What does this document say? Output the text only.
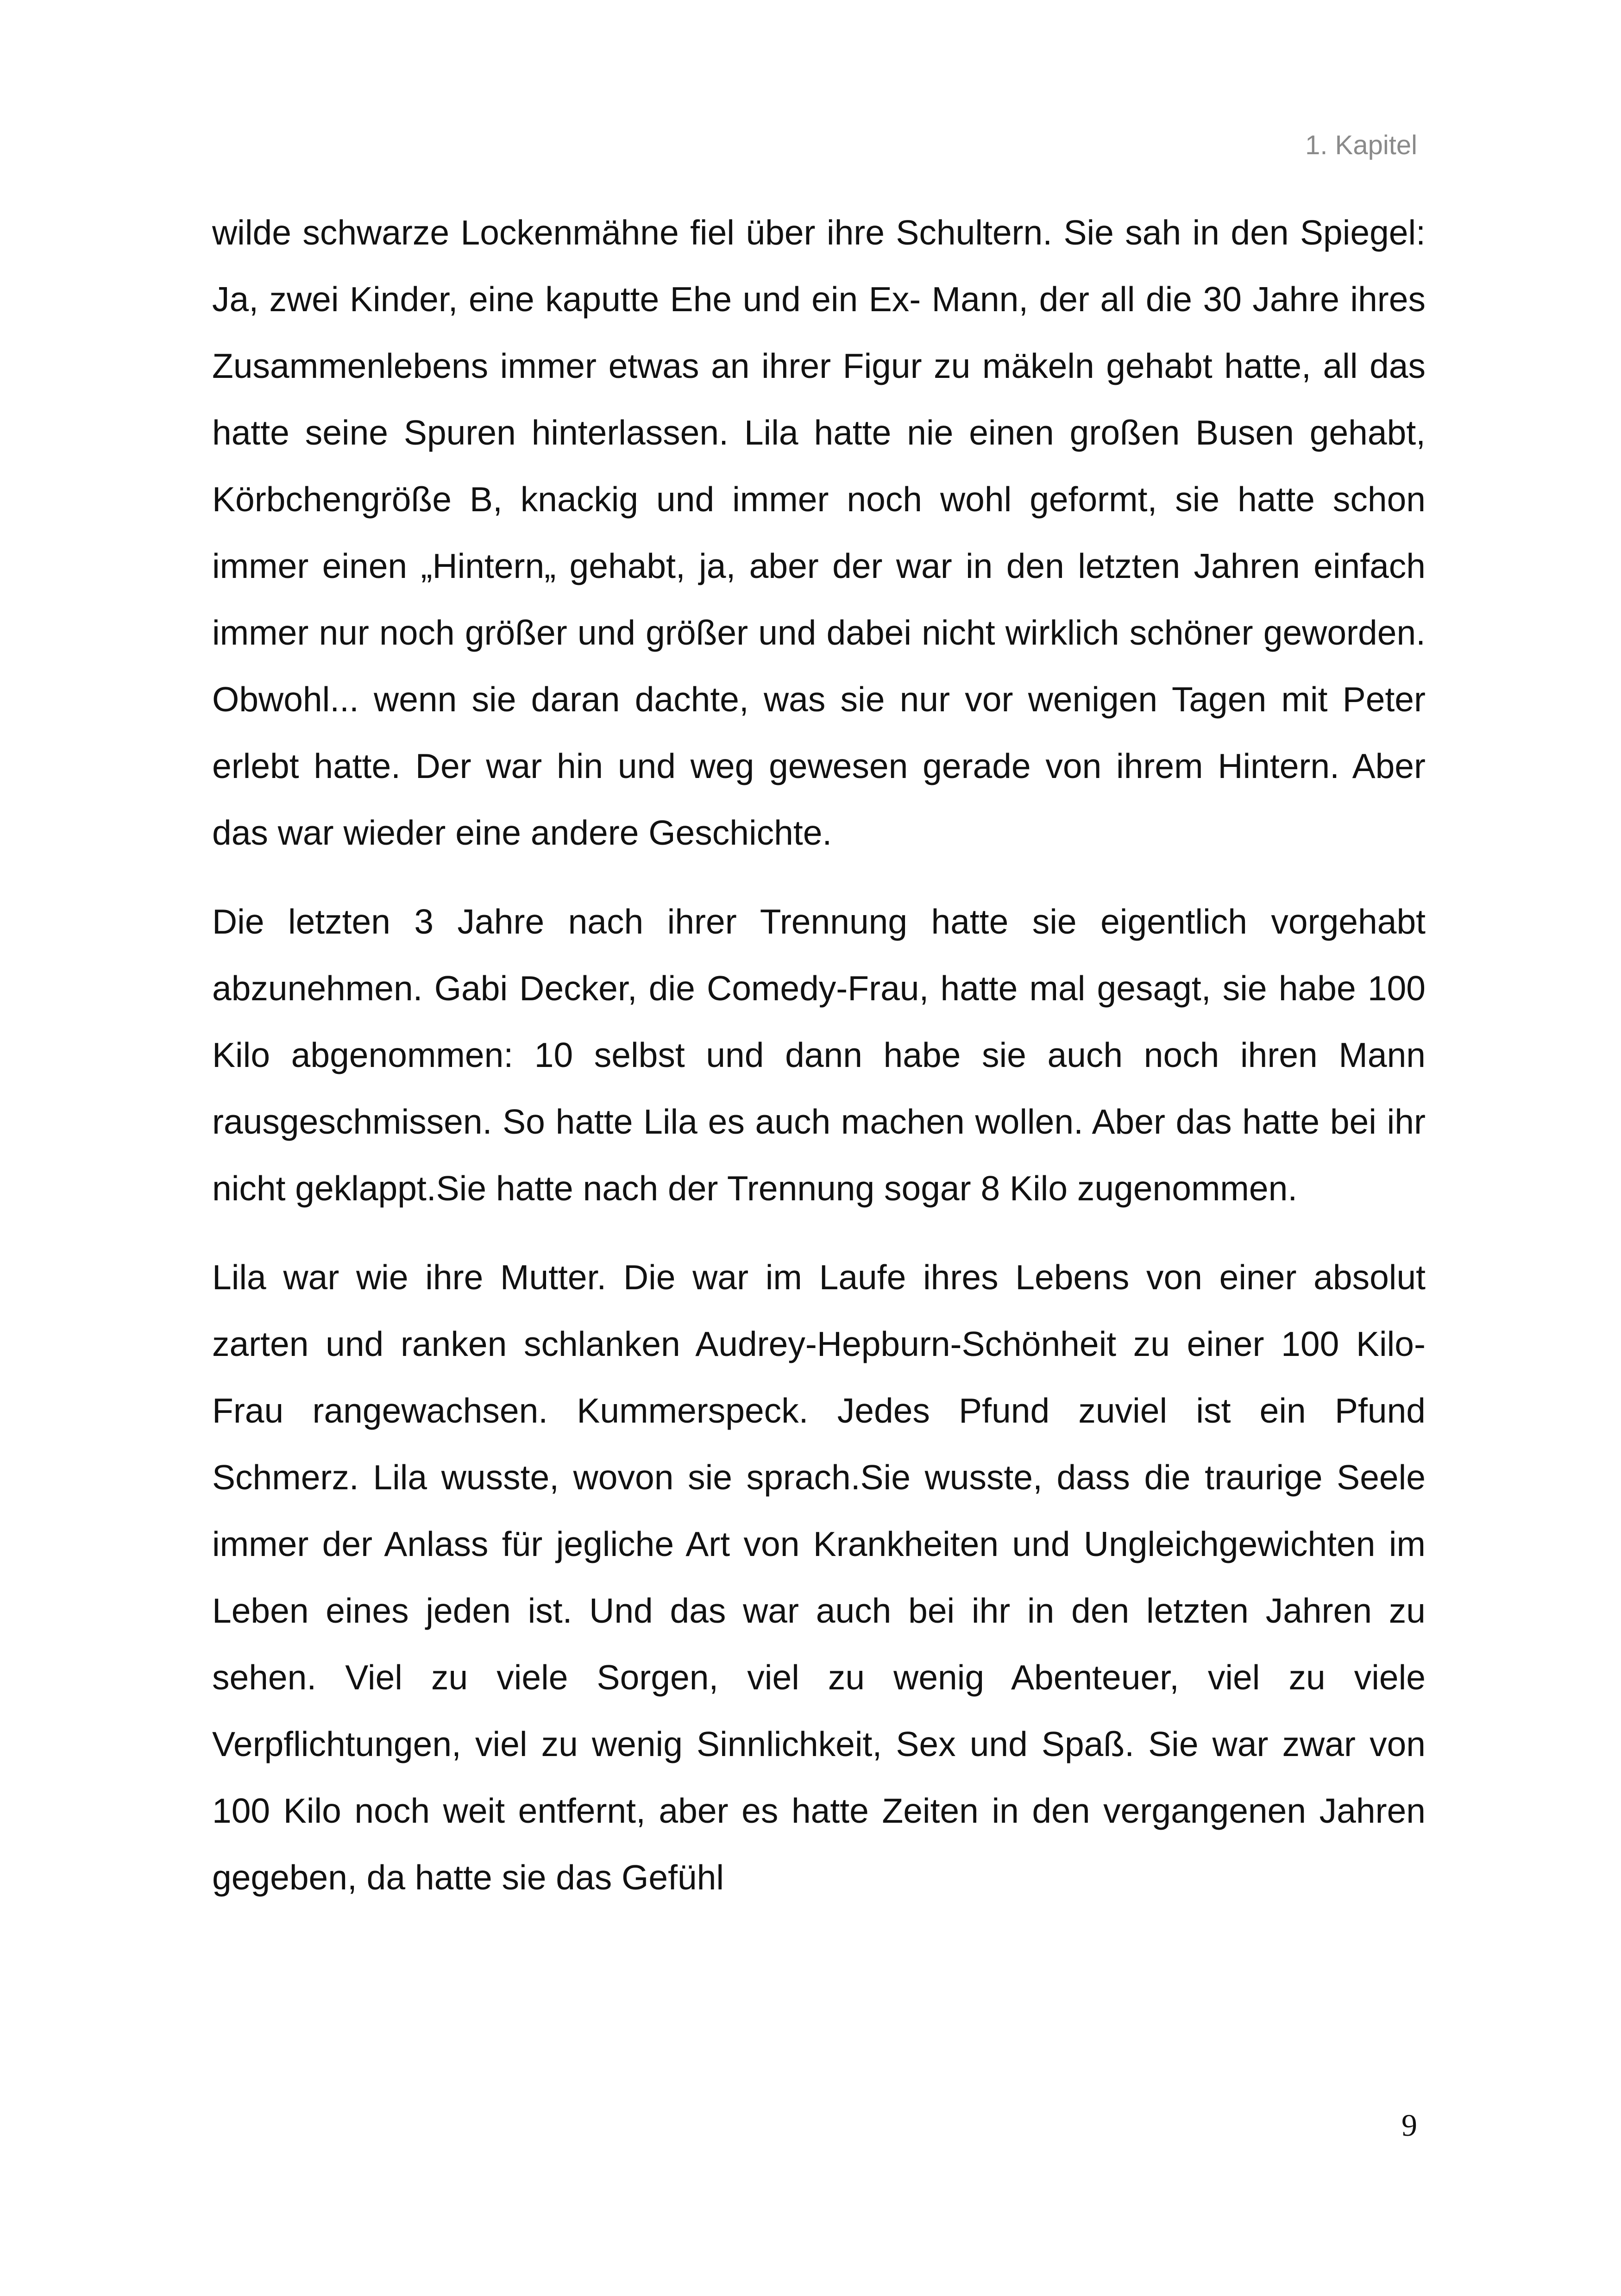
1. Kapitel

wilde schwarze Lockenmähne fiel über ihre Schultern. Sie sah in den Spiegel: Ja, zwei Kinder, eine kaputte Ehe und ein Ex- Mann, der all die 30 Jahre ihres Zusammenlebens immer etwas an ihrer Figur zu mäkeln gehabt hatte, all das hatte seine Spuren hinterlassen. Lila hatte nie einen großen Busen gehabt, Körbchengröße B, knackig und immer noch wohl geformt, sie hatte schon immer einen „Hintern„ gehabt, ja, aber der war in den letzten Jahren einfach immer nur noch größer und größer und dabei nicht wirklich schöner geworden. Obwohl... wenn sie daran dachte, was sie nur vor wenigen Tagen mit Peter erlebt hatte. Der war hin und weg gewesen gerade von ihrem Hintern. Aber das war wieder eine andere Geschichte.

Die letzten 3 Jahre nach ihrer Trennung hatte sie eigentlich vorgehabt abzunehmen. Gabi Decker, die Comedy-Frau, hatte mal gesagt, sie habe 100 Kilo abgenommen: 10 selbst und dann habe sie auch noch ihren Mann rausgeschmissen. So hatte Lila es auch machen wollen. Aber das hatte bei ihr nicht geklappt.Sie hatte nach der Trennung sogar 8 Kilo zugenommen.

Lila war wie ihre Mutter. Die war im Laufe ihres Lebens von einer absolut zarten und ranken schlanken Audrey-Hepburn-Schönheit zu einer 100 Kilo-Frau rangewachsen. Kummerspeck. Jedes Pfund zuviel ist ein Pfund Schmerz. Lila wusste, wovon sie sprach.Sie wusste, dass die traurige Seele immer der Anlass für jegliche Art von Krankheiten und Ungleichgewichten im Leben eines jeden ist. Und das war auch bei ihr in den letzten Jahren zu sehen. Viel zu viele Sorgen, viel zu wenig Abenteuer, viel zu viele Verpflichtungen, viel zu wenig Sinnlichkeit, Sex und Spaß. Sie war zwar von 100 Kilo noch weit entfernt, aber es hatte Zeiten in den vergangenen Jahren gegeben, da hatte sie das Gefühl

9
